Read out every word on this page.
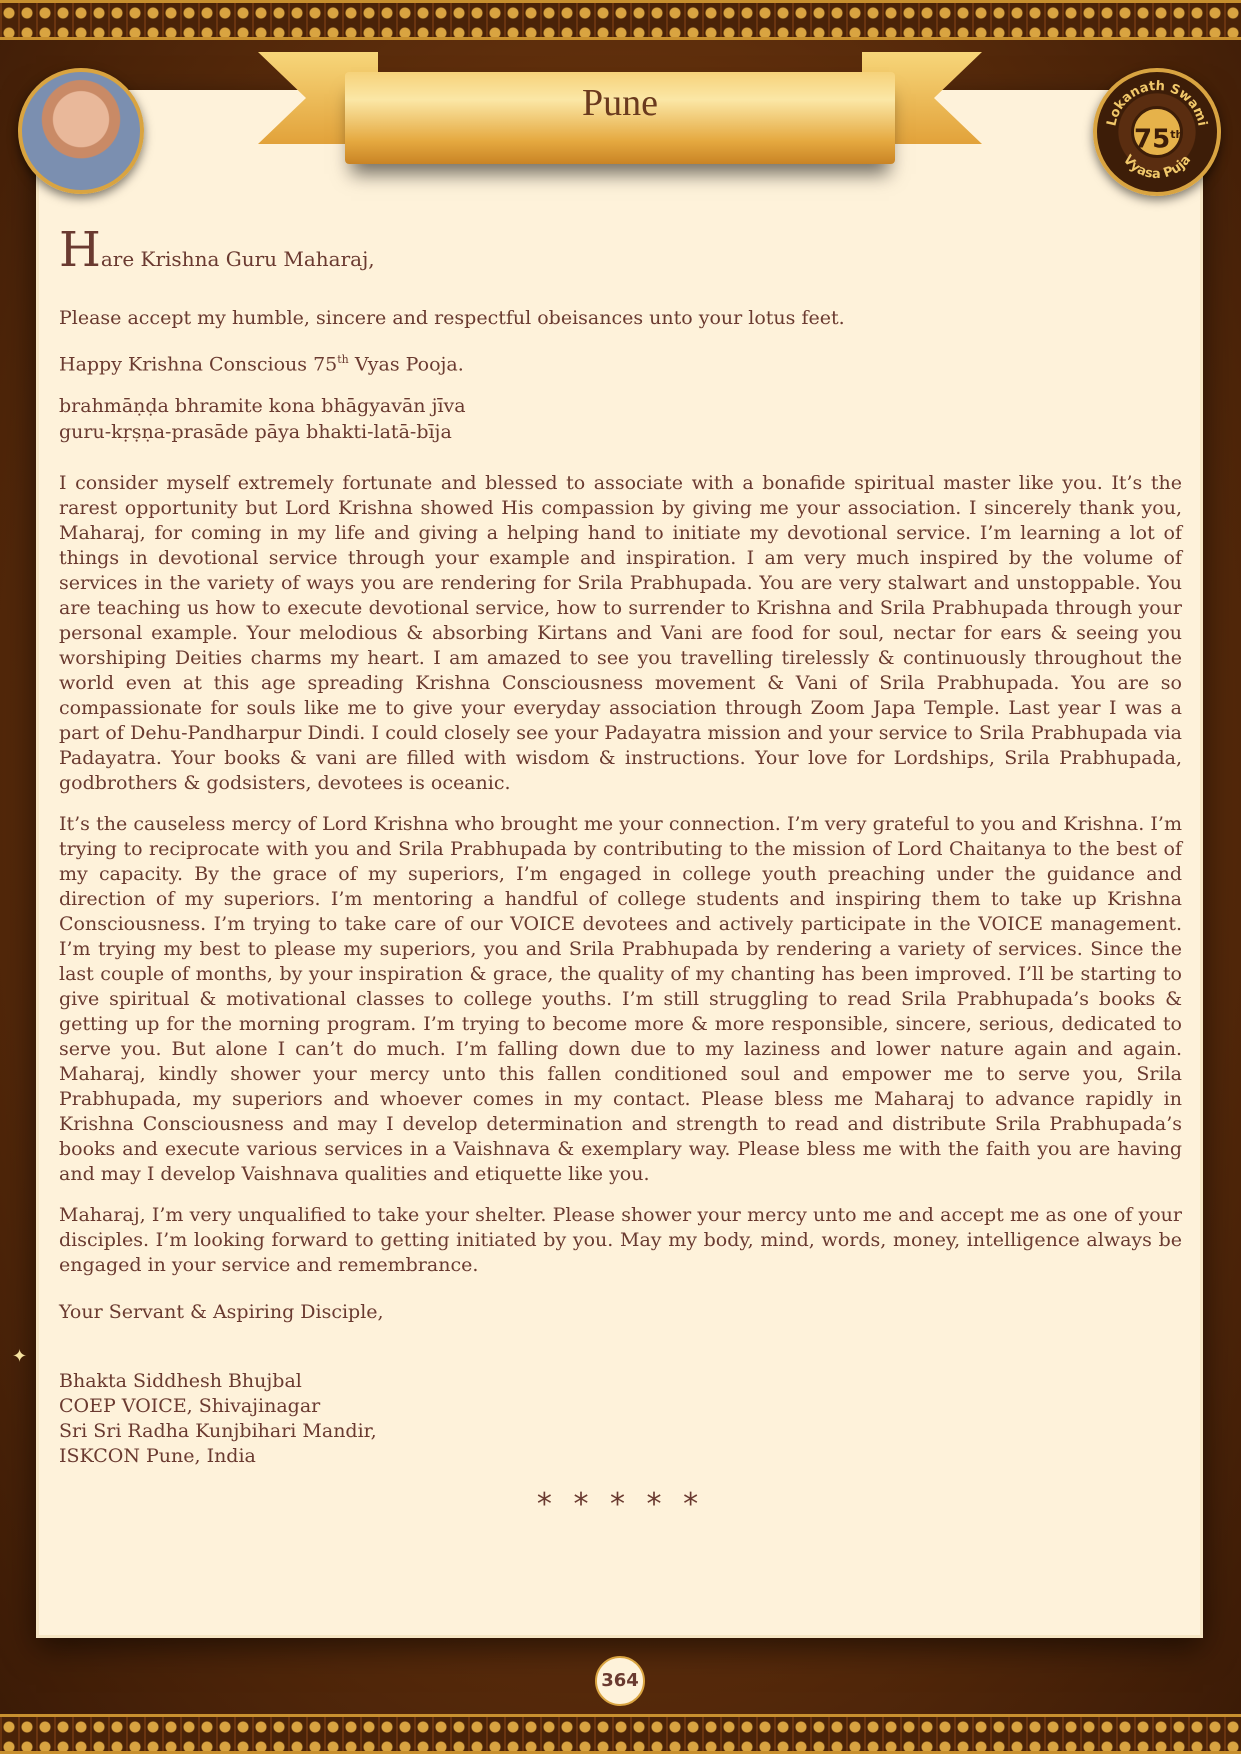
Lokanath Swami
Vyasa Puja
75th
Pune

Hare Krishna Guru Maharaj,

Please accept my humble, sincere and respectful obeisances unto your lotus feet.

Happy Krishna Conscious 75th Vyas Pooja.

brahmāṇḍa bhramite kona bhāgyavān jīva
guru-kṛṣṇa-prasāde pāya bhakti-latā-bīja

I consider myself extremely fortunate and blessed to associate with a bonafide spiritual master like you. It’s the rarest opportunity but Lord Krishna showed His compassion by giving me your association. I sincerely thank you, Maharaj, for coming in my life and giving a helping hand to initiate my devotional service. I’m learning a lot of things in devotional service through your example and inspiration. I am very much inspired by the volume of services in the variety of ways you are rendering for Srila Prabhupada. You are very stalwart and unstoppable. You are teaching us how to execute devotional service, how to surrender to Krishna and Srila Prabhupada through your personal example. Your melodious & absorbing Kirtans and Vani are food for soul, nectar for ears & seeing you worshiping Deities charms my heart. I am amazed to see you travelling tirelessly & continuously throughout the world even at this age spreading Krishna Consciousness movement & Vani of Srila Prabhupada. You are so compassionate for souls like me to give your everyday association through Zoom Japa Temple. Last year I was a part of Dehu-Pandharpur Dindi. I could closely see your Padayatra mission and your service to Srila Prabhupada via Padayatra. Your books & vani are filled with wisdom & instructions. Your love for Lordships, Srila Prabhupada, godbrothers & godsisters, devotees is oceanic.

It’s the causeless mercy of Lord Krishna who brought me your connection. I’m very grateful to you and Krishna. I’m trying to reciprocate with you and Srila Prabhupada by contributing to the mission of Lord Chaitanya to the best of my capacity. By the grace of my superiors, I’m engaged in college youth preaching under the guidance and direction of my superiors. I’m mentoring a handful of college students and inspiring them to take up Krishna Consciousness. I’m trying to take care of our VOICE devotees and actively participate in the VOICE management. I’m trying my best to please my superiors, you and Srila Prabhupada by rendering a variety of services. Since the last couple of months, by your inspiration & grace, the quality of my chanting has been improved. I’ll be starting to give spiritual & motivational classes to college youths. I’m still struggling to read Srila Prabhupada’s books & getting up for the morning program. I’m trying to become more & more responsible, sincere, serious, dedicated to serve you. But alone I can’t do much. I’m falling down due to my laziness and lower nature again and again. Maharaj, kindly shower your mercy unto this fallen conditioned soul and empower me to serve you, Srila Prabhupada, my superiors and whoever comes in my contact. Please bless me Maharaj to advance rapidly in Krishna Consciousness and may I develop determination and strength to read and distribute Srila Prabhupada’s books and execute various services in a Vaishnava & exemplary way. Please bless me with the faith you are having and may I develop Vaishnava qualities and etiquette like you.

Maharaj, I’m very unqualified to take your shelter. Please shower your mercy unto me and accept me as one of your disciples. I’m looking forward to getting initiated by you. May my body, mind, words, money, intelligence always be engaged in your service and remembrance.

Your Servant & Aspiring Disciple,

Bhakta Siddhesh Bhujbal
COEP VOICE, Shivajinagar
Sri Sri Radha Kunjbihari Mandir,
ISKCON Pune, India
* * * * *
✦
364
